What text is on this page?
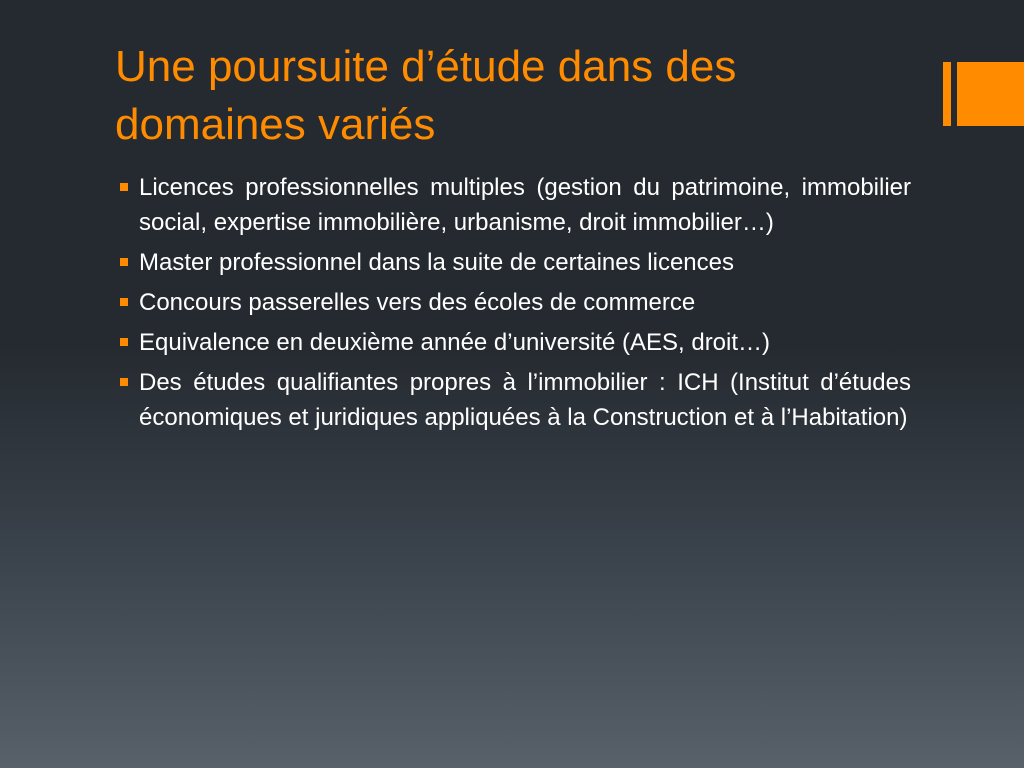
Une poursuite d’étude dans des domaines variés
Licences professionnelles multiples (gestion du patrimoine, immobilier social, expertise immobilière, urbanisme, droit immobilier…)
Master professionnel dans la suite de certaines licences
Concours passerelles vers des écoles de commerce
Equivalence en deuxième année d’université (AES, droit…)
Des études qualifiantes propres à l’immobilier : ICH (Institut d’études économiques et juridiques appliquées à la Construction et à l’Habitation)
